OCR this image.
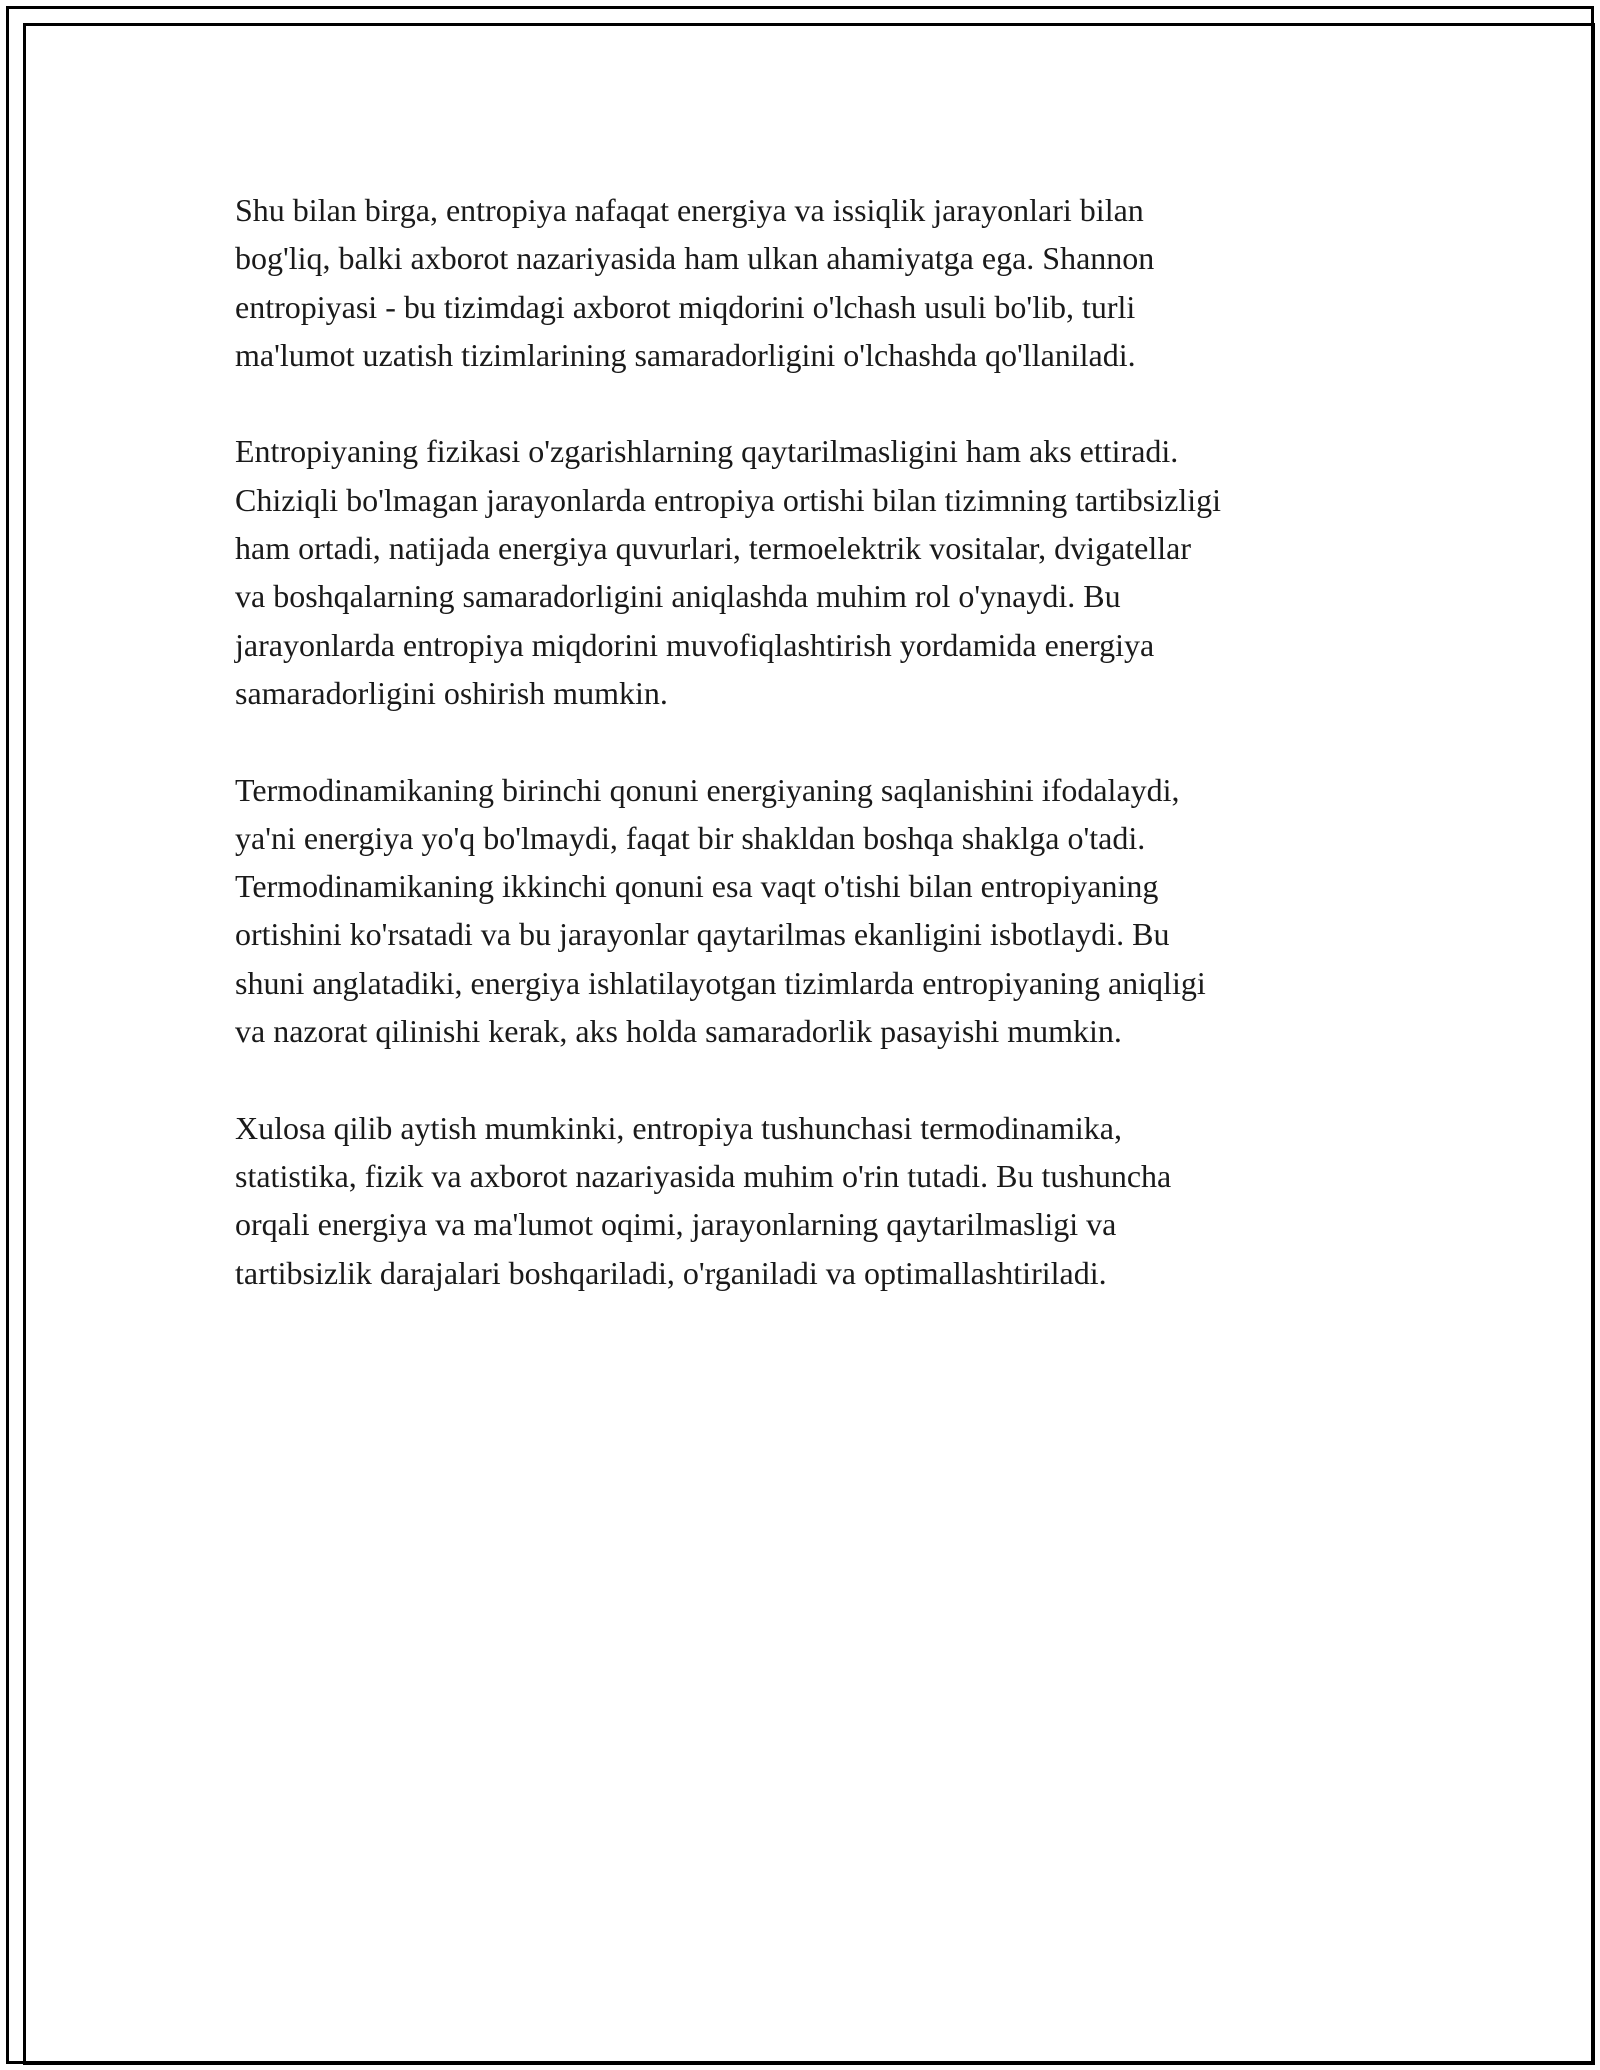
Shu bilan birga, entropiya nafaqat energiya va issiqlik jarayonlari bilan
bog'liq, balki axborot nazariyasida ham ulkan ahamiyatga ega. Shannon
entropiyasi - bu tizimdagi axborot miqdorini o'lchash usuli bo'lib, turli
ma'lumot uzatish tizimlarining samaradorligini o'lchashda qo'llaniladi.

Entropiyaning fizikasi o'zgarishlarning qaytarilmasligini ham aks ettiradi.
Chiziqli bo'lmagan jarayonlarda entropiya ortishi bilan tizimning tartibsizligi
ham ortadi, natijada energiya quvurlari, termoelektrik vositalar, dvigatellar
va boshqalarning samaradorligini aniqlashda muhim rol o'ynaydi. Bu
jarayonlarda entropiya miqdorini muvofiqlashtirish yordamida energiya
samaradorligini oshirish mumkin.

Termodinamikaning birinchi qonuni energiyaning saqlanishini ifodalaydi,
ya'ni energiya yo'q bo'lmaydi, faqat bir shakldan boshqa shaklga o'tadi.
Termodinamikaning ikkinchi qonuni esa vaqt o'tishi bilan entropiyaning
ortishini ko'rsatadi va bu jarayonlar qaytarilmas ekanligini isbotlaydi. Bu
shuni anglatadiki, energiya ishlatilayotgan tizimlarda entropiyaning aniqligi
va nazorat qilinishi kerak, aks holda samaradorlik pasayishi mumkin.

Xulosa qilib aytish mumkinki, entropiya tushunchasi termodinamika,
statistika, fizik va axborot nazariyasida muhim o'rin tutadi. Bu tushuncha
orqali energiya va ma'lumot oqimi, jarayonlarning qaytarilmasligi va
tartibsizlik darajalari boshqariladi, o'rganiladi va optimallashtiriladi.
